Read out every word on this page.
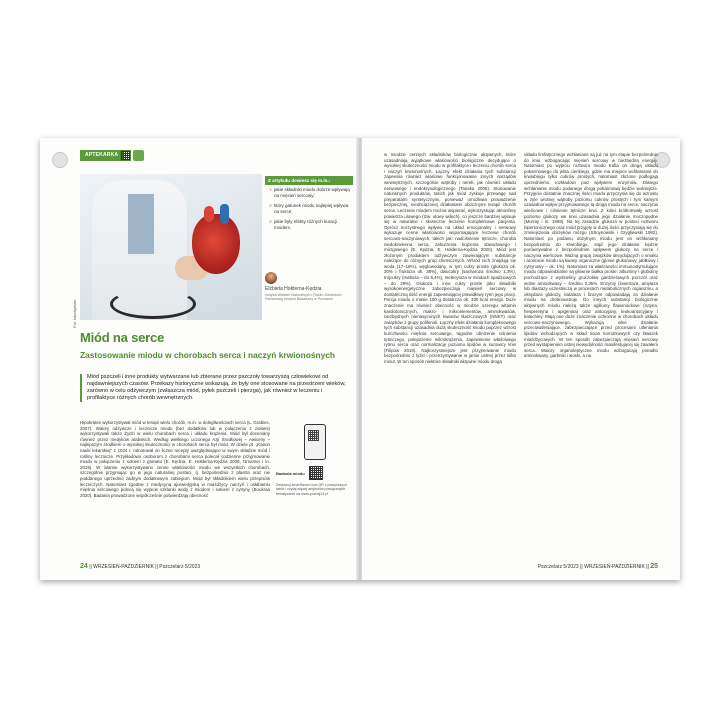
APTEKARKA
Fot. Istockphoto
Z artykułu dowiesz się m.in.:
» jakie składniki miodu dobrze wpływają na mięsień sercowy;
» który gatunek miodu najlepiej wpływa na serce;
» jakie były efekty różnych kuracji miodem.
Elżbieta Hołderna-Kędzia
Instytut Włókien Naturalnych i Roślin Zielarskich Państwowy Instytut Badawczy w Poznaniu
Miód na serce
Zastosowanie miodu w chorobach serca i naczyń krwionośnych
Miód pszczeli i inne produkty wytwarzane lub zbierane przez pszczoły towarzyszą człowiekowi od najdawniejszych czasów. Przekazy historyczne wskazują, że były one stosowane na przestrzeni wieków, zarówno w celu odżywczym (zwłaszcza miód, pyłek pszczeli i pierzga), jak również w leczeniu i profilaktyce różnych chorób wewnętrznych.
Hipokrates wykorzystywał miód w terapii wielu chorób, m.in. w dolegliwościach serca (Ł. Grabiec, 2007). Walory odżywcze i lecznicze miodu (bez dodatków lub w połączeniu z ziołami) wykorzystywali także Żydzi w wielu chorobach serca i układu krążenia. Miód był doceniany również przez medyków arabskich. Według wielkiego uczonego Azji Środkowej – Awiceny – najlepszym środkiem o wysokiej skuteczności w chorobach serca był miód. W dziele pt. „Kanon nauki lekarskiej” z 1024 r. odnotował on liczne recepty uwzględniające w swym składzie miód i rośliny lecznicze. Przykładowo osoborom z chorobami serca polecał codzienne przyjmowanie miodu w połączeniu z sokiem z granatu (E. Kędzia, E. Hołderna-Kędzia 2008, Ornamer i in. 2019). W islamie wykorzystywano cenne właściwości miodu we wszystkich chorobach, szczególnie przyjmując go w jego naturalnej postaci, tj. bezpośrednio z plastra oraz nie poddanego uprzednio żadnym dodatkowym zabiegom. Miód był składnikiem wielu przepisów leczniczych. Natomiast zgodnie z medycyną ajurwedyjską w miażdżycy naczyń i osłabieniu mięśnia sercowego polecą się wypicie szklanki wody z miodem i sokiem z cytryny (Boukraa 2020). Badania prowadzone współcześnie potwierdzają obecność
Badania miodu
Zeskanuj smartfonem kod QR z powyższych tablic i czytaj więcej artykułów powiązanych tematycznie na www.poznaj24.pl
24 || WRZESIEŃ-PAŹDZIERNIK || Pszczelarz 5/2023
w miodzie cennych składników biologicznie aktywnych, które uzasadniają wyjątkowe właściwości biologiczne decydujące o wysokiej skuteczności miodu w profilaktyce i leczeniu chorób serca i naczyń krwionośnych. Łączny efekt działania tych substancji zapewnia również właściwe funkcjonowanie innych narządów wewnętrznych, szczególnie wątroby i nerek, jak również układu nerwowego i endokrynologicznego (Tanaka 2006). Stosowanie naturalnych produktów, takich jak miód zyskuje przewagę nad preparatami syntetycznymi, ponieważ umożliwia prowadzenie bezpiecznej, nieobciążonej działaniami ubocznymi terapii chorób serca. Leczenie miodem można wspierać, wykorzystując atmosferę powietrza ulowego (tzw. ulowy wdech), co jeszcze bardziej wpisuje się w naturalne i skuteczne leczenie kompleksowe pacjenta. Oprócz korzystnego wpływu na układ emocjonalny i nerwowy wykazuje cenne właściwości wspomagające leczenie chorób sercowo-naczyniowych, takich jak: nadciśnienie tętnicze, choroba niedokrwienna serca, zaburzenia krążenia obwodowego i mózgowego (E. Kędzia, E. Hołderna-Kędzia 2020). Miód jest złożonym produktem odżywczym zawierającym substancje należące do różnych grup chemicznych. Wśród nich znajdują się woda (17–18%), węglowodany, w tym cukry proste (glukoza ok. 30% i fruktoza ok. 38%), dwucukry (sacharoza średnio 1,3%), trójcukry (maltoza – do 5,4%), melecytoza w miodach spadziowych – do 29%). Glukoza i inne cukry proste jako składniki wysokoenergetyczne zabezpieczają mięsień sercowy w dostateczną ilość energii zapewniającej prawidłowy rytm jego pracy. Porcja miodu o masie 100 g dostarcza ok. 330 kcal energii. Duże znaczenie ma również obecność w miodzie szeregu witamin kardiotonicznych, makro- i mikroelementów, aminokwasów, niezbędnych nienasyconych kwasów tłuszczowych (NNKT) oraz związków z grupy polifenoli. Łączny efekt działania kompleksowego tych substancji uzasadnia dużą skuteczność miodu poprzez wzrost kurczliwości mięśnia sercowego, tagodne obniżenie ciśnienia tętniczego, polepszenie mikrokrążenia, zapewnienie właściwego rytmu serca oraz normalizację poziomu lipidów w surowicy krwi (Filipow 2019). Najkorzystniejsze jest przyjmowanie miodu bezpośrednio z łyżki i przetrzymywanie w jamie ustnej przez kilka minut. W ten sposób niektóre składniki aktywne miodu drogą
układu limfatycznego wchłaniane są już na tym etapie bezpośrednio do krwi, wzbogacając mięsień sercowy w niezbędną energię. Natomiast po wypiciu roztworu miodu trafia on drogą układu pokarmowego do jelita cienkiego, gdzie ma miejsce wchłanianie do krwiobiegu tylko cukrów prostych, natomiast złożone podlegają uprzedniemu rozkładowi pod wpływem enzymów. Dlatego wchłanianie miodu podanego drogą pokarmową będzie wolniejsze. Przyjęcie dostatnie znacznej ilości miodu przyczynia się do wzrostu w żyle wrotnej wątroby poziomu cukrów prostych i tym samym uzasadnia wpływ przyjmowanego tą drogą miodu na serce, naczynia wieńcowe i ciśnienie tętnicze krwi. Z kolei krótkotrwały wzrost poziomu glukozy we krwi uzasadnia jego działanie moczopędne (Murray i in. 1998). Na tej zasadzie glukoza w postaci roztworu hipertonicznego oraz miód przyjęty w dużej ilości przyczyniają się do zmniejszenia obrzęków mózgu (Stroynowski i Grygliewski 1992). Natomiast po podaniu dożylnym miodu jest on wchłaniany bezpośrednio do krwiobiegu, stąd jego działanie będzie porównywalne z bezpośrednim wpływem glukozy na serce i naczynia wieńcowe. Ważną grupą związków decydujących o smaku i aromacie miodu są kwasy organiczne (glonie glukonowy, jabłkowy i cytrynowy – ok. 1%). Natomiast za właściwości immunostymulujące miodu odpowiedzialne są głównie białka proste: albuminy i globuliny pochodzące z wydzieliny gruczołów gardzielowych pszczół oraz wolne aminokwasy – średnio 0,35%. Enzymy (inwertaza, amylaza lub diastazy uczestniczą w procesach metabolicznych organizmu, a oksydaza glukozy, katalaza i lizozym odpowiadają za działanie miodu na drobnoustroje. Do innych substancji biologicznie aktywnych miodu należą także aglikony flawonoidowe (rutyna, hesperetyna i apigenina) oraz antocyjany, leukoantocyjany i katechiny. Mają one duże znaczenie ochronne w chorobach układu sercowo-naczyniowego. Wykazują silne działanie przeciwutleniające, zabezpieczające przed procesami utleniania lipidów wchodzących w skład ścian komórkowych czy błaszek miażdżycowych. W ten sposób zabezpieczają mięsień sercowy przed wystąpieniem ostrej niewydolności manifestującej się zawałem serca. Walory organoleptyczne miodu wzbogacają ponadto aminokwasy, garbniki i woski, a na
Pszczelarz 5/2023 || WRZESIEŃ-PAŹDZIERNIK || 25
